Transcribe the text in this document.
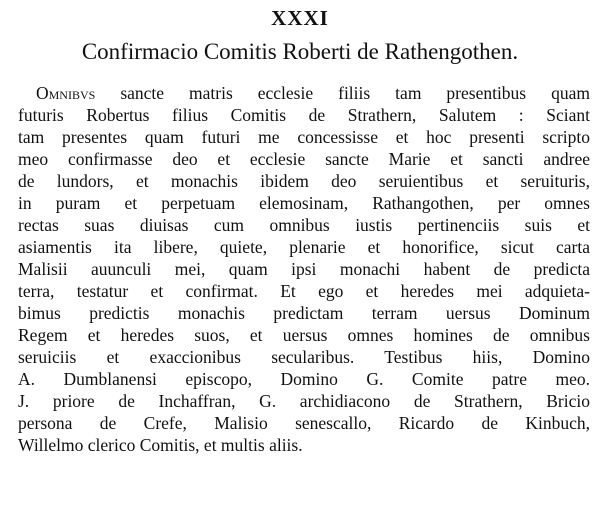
XXXI
Confirmacio Comitis Roberti de Rathengothen.
Omnibvs sancte matris ecclesie filiis tam presentibus quam
futuris Robertus filius Comitis de Strathern, Salutem : Sciant
tam presentes quam futuri me concessisse et hoc presenti scripto
meo confirmasse deo et ecclesie sancte Marie et sancti andree
de lundors, et monachis ibidem deo seruientibus et seruituris,
in puram et perpetuam elemosinam, Rathangothen, per omnes
rectas suas diuisas cum omnibus iustis pertinenciis suis et
asiamentis ita libere, quiete, plenarie et honorifice, sicut carta
Malisii auunculi mei, quam ipsi monachi habent de predicta
terra, testatur et confirmat. Et ego et heredes mei adquieta-
bimus predictis monachis predictam terram uersus Dominum
Regem et heredes suos, et uersus omnes homines de omnibus
seruiciis et exaccionibus secularibus. Testibus hiis, Domino
A. Dumblanensi episcopo, Domino G. Comite patre meo.
J. priore de Inchaffran, G. archidiacono de Strathern, Bricio
persona de Crefe, Malisio senescallo, Ricardo de Kinbuch,
Willelmo clerico Comitis, et multis aliis.
